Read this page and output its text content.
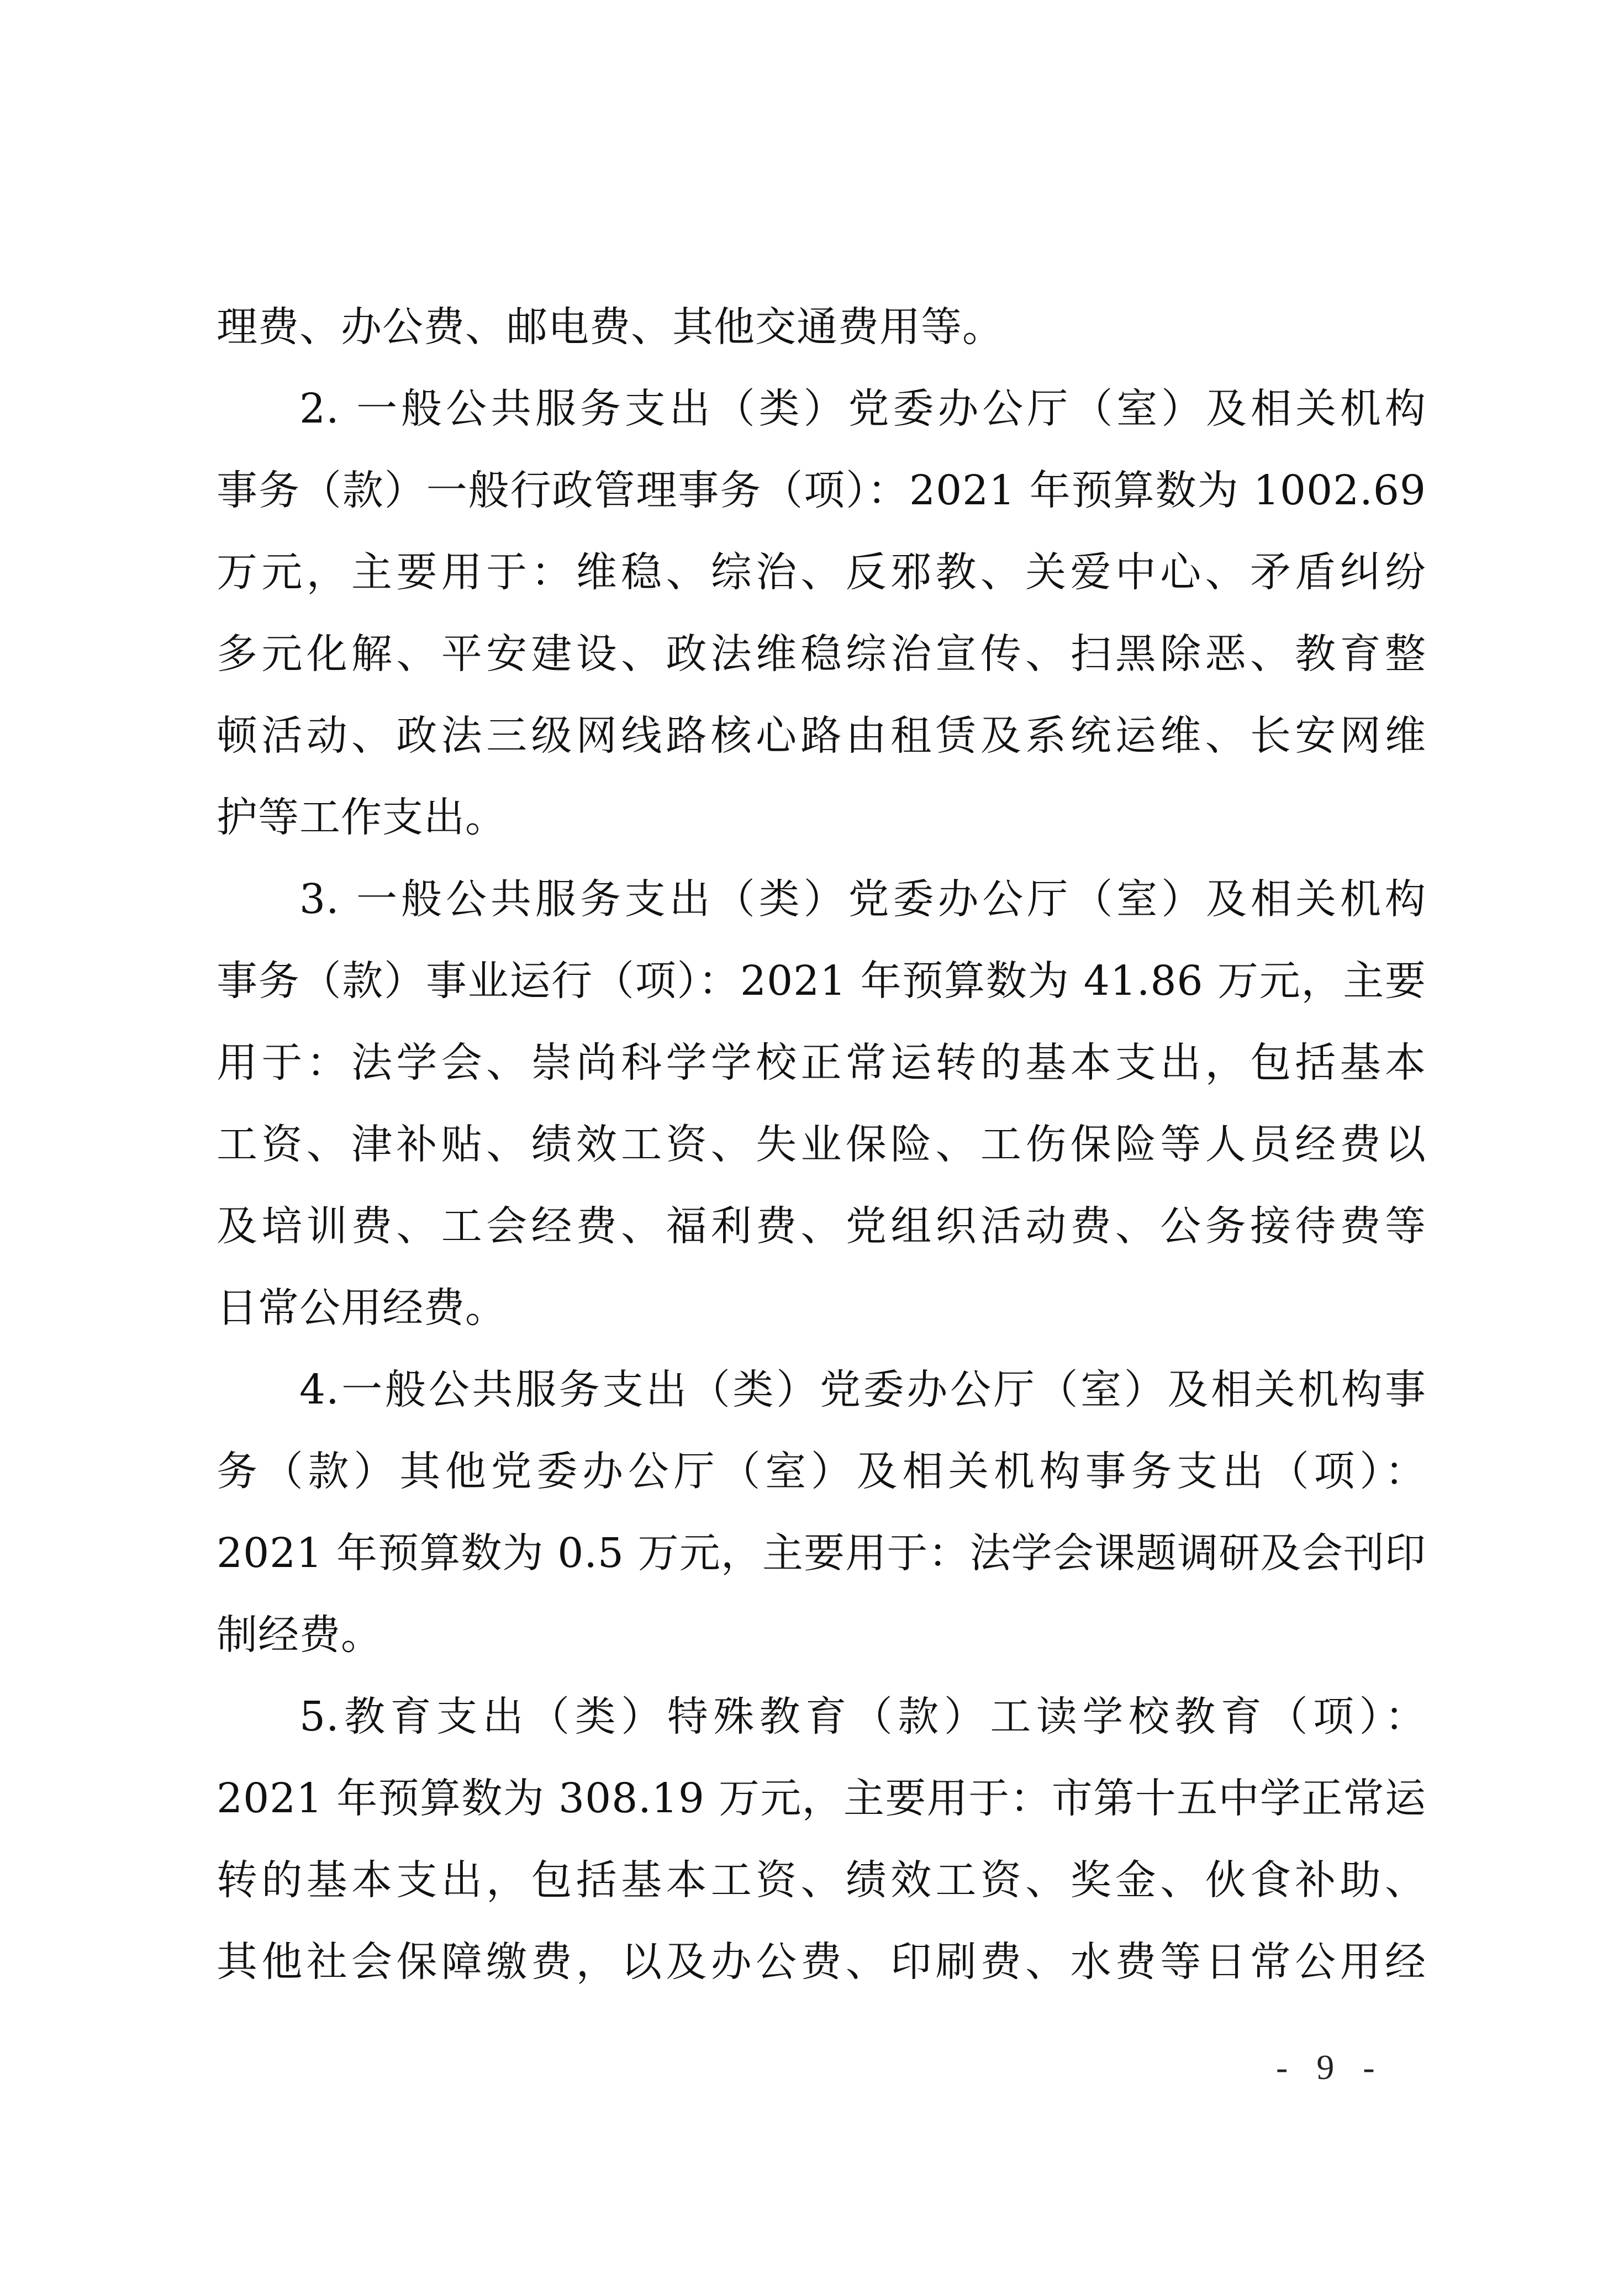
理费、办公费、邮电费、其他交通费用等。
2. 一般公共服务支出（类）党委办公厅（室）及相关机构
事务（款）一般行政管理事务（项）：2021 年预算数为 1002.69
万元，主要用于：维稳、综治、反邪教、关爱中心、矛盾纠纷
多元化解、平安建设、政法维稳综治宣传、扫黑除恶、教育整
顿活动、政法三级网线路核心路由租赁及系统运维、长安网维
护等工作支出。
3. 一般公共服务支出（类）党委办公厅（室）及相关机构
事务（款）事业运行（项）：2021 年预算数为 41.86 万元，主要
用于：法学会、崇尚科学学校正常运转的基本支出，包括基本
工资、津补贴、绩效工资、失业保险、工伤保险等人员经费以
及培训费、工会经费、福利费、党组织活动费、公务接待费等
日常公用经费。
4.一般公共服务支出（类）党委办公厅（室）及相关机构事
务（款）其他党委办公厅（室）及相关机构事务支出（项）：
2021 年预算数为 0.5 万元，主要用于：法学会课题调研及会刊印
制经费。
5.教育支出（类）特殊教育（款）工读学校教育（项）：
2021 年预算数为 308.19 万元，主要用于：市第十五中学正常运
转的基本支出，包括基本工资、绩效工资、奖金、伙食补助、
其他社会保障缴费，以及办公费、印刷费、水费等日常公用经
- 9 -
